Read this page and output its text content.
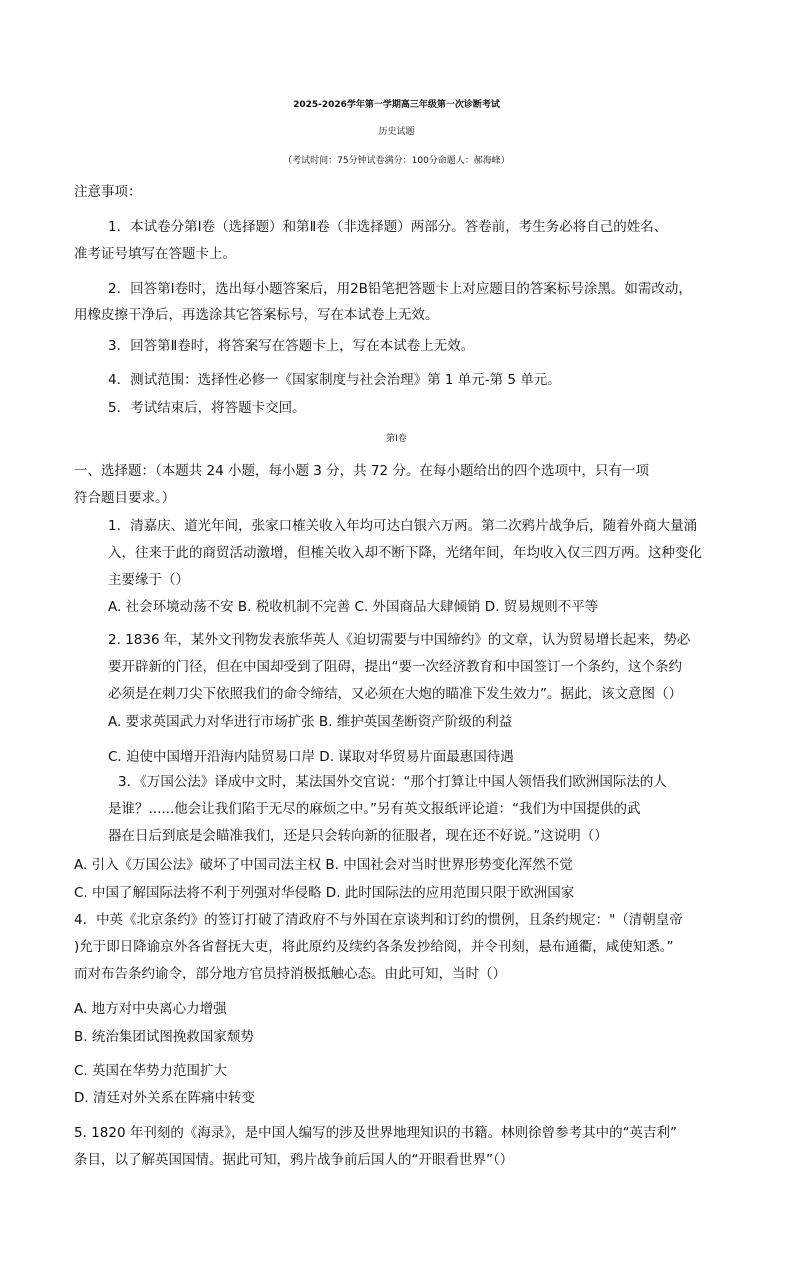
2025-2026学年第一学期高三年级第一次诊断考试
历史试题
（考试时间：75分钟试卷满分：100分命题人：郝海峰）
注意事项：
1．本试卷分第Ⅰ卷（选择题）和第Ⅱ卷（非选择题）两部分。答卷前，考生务必将自己的姓名、
准考证号填写在答题卡上。
2．回答第Ⅰ卷时，选出每小题答案后，用2B铅笔把答题卡上对应题目的答案标号涂黑。如需改动，
用橡皮擦干净后，再选涂其它答案标号，写在本试卷上无效。
3．回答第Ⅱ卷时，将答案写在答题卡上，写在本试卷上无效。
4．测试范围：选择性必修一《国家制度与社会治理》第 1 单元-第 5 单元。
5．考试结束后，将答题卡交回。
第Ⅰ卷
一、选择题：（本题共 24 小题，每小题 3 分，共 72 分。在每小题给出的四个选项中，只有一项
符合题目要求。）
1．清嘉庆、道光年间，张家口榷关收入年均可达白银六万两。第二次鸦片战争后，随着外商大量涌
入，往来于此的商贸活动激增，但榷关收入却不断下降，光绪年间，年均收入仅三四万两。这种变化
主要缘于（）
A. 社会环境动荡不安 B. 税收机制不完善 C. 外国商品大肆倾销 D. 贸易规则不平等
2. 1836 年，某外文刊物发表旅华英人《迫切需要与中国缔约》的文章，认为贸易增长起来，势必
要开辟新的门径，但在中国却受到了阻碍，提出“要一次经济教育和中国签订一个条约，这个条约
必须是在刺刀尖下依照我们的命令缔结，又必须在大炮的瞄准下发生效力”。据此，该文意图（）
A. 要求英国武力对华进行市场扩张 B. 维护英国垄断资产阶级的利益
C. 迫使中国增开沿海内陆贸易口岸 D. 谋取对华贸易片面最惠国待遇
3．《万国公法》译成中文时，某法国外交官说：“那个打算让中国人领悟我们欧洲国际法的人
是谁？......他会让我们陷于无尽的麻烦之中。”另有英文报纸评论道：“我们为中国提供的武
器在日后到底是会瞄准我们，还是只会转向新的征服者，现在还不好说。”这说明（）
A. 引入《万国公法》破坏了中国司法主权 B. 中国社会对当时世界形势变化浑然不觉
C. 中国了解国际法将不利于列强对华侵略 D. 此时国际法的应用范围只限于欧洲国家
4．中英《北京条约》的签订打破了清政府不与外国在京谈判和订约的惯例，且条约规定："（清朝皇帝
)允于即日降谕京外各省督抚大吏，将此原约及续约各条发抄给阅，并令刊刻，悬布通衢，咸使知悉。”
而对布告条约谕令，部分地方官员持消极抵触心态。由此可知，当时（）
A. 地方对中央离心力增强
B. 统治集团试图挽救国家颓势
C. 英国在华势力范围扩大
D. 清廷对外关系在阵痛中转变
5. 1820 年刊刻的《海录》，是中国人编写的涉及世界地理知识的书籍。林则徐曾参考其中的“英吉利”
条目，以了解英国国情。据此可知，鸦片战争前后国人的“开眼看世界”（）
